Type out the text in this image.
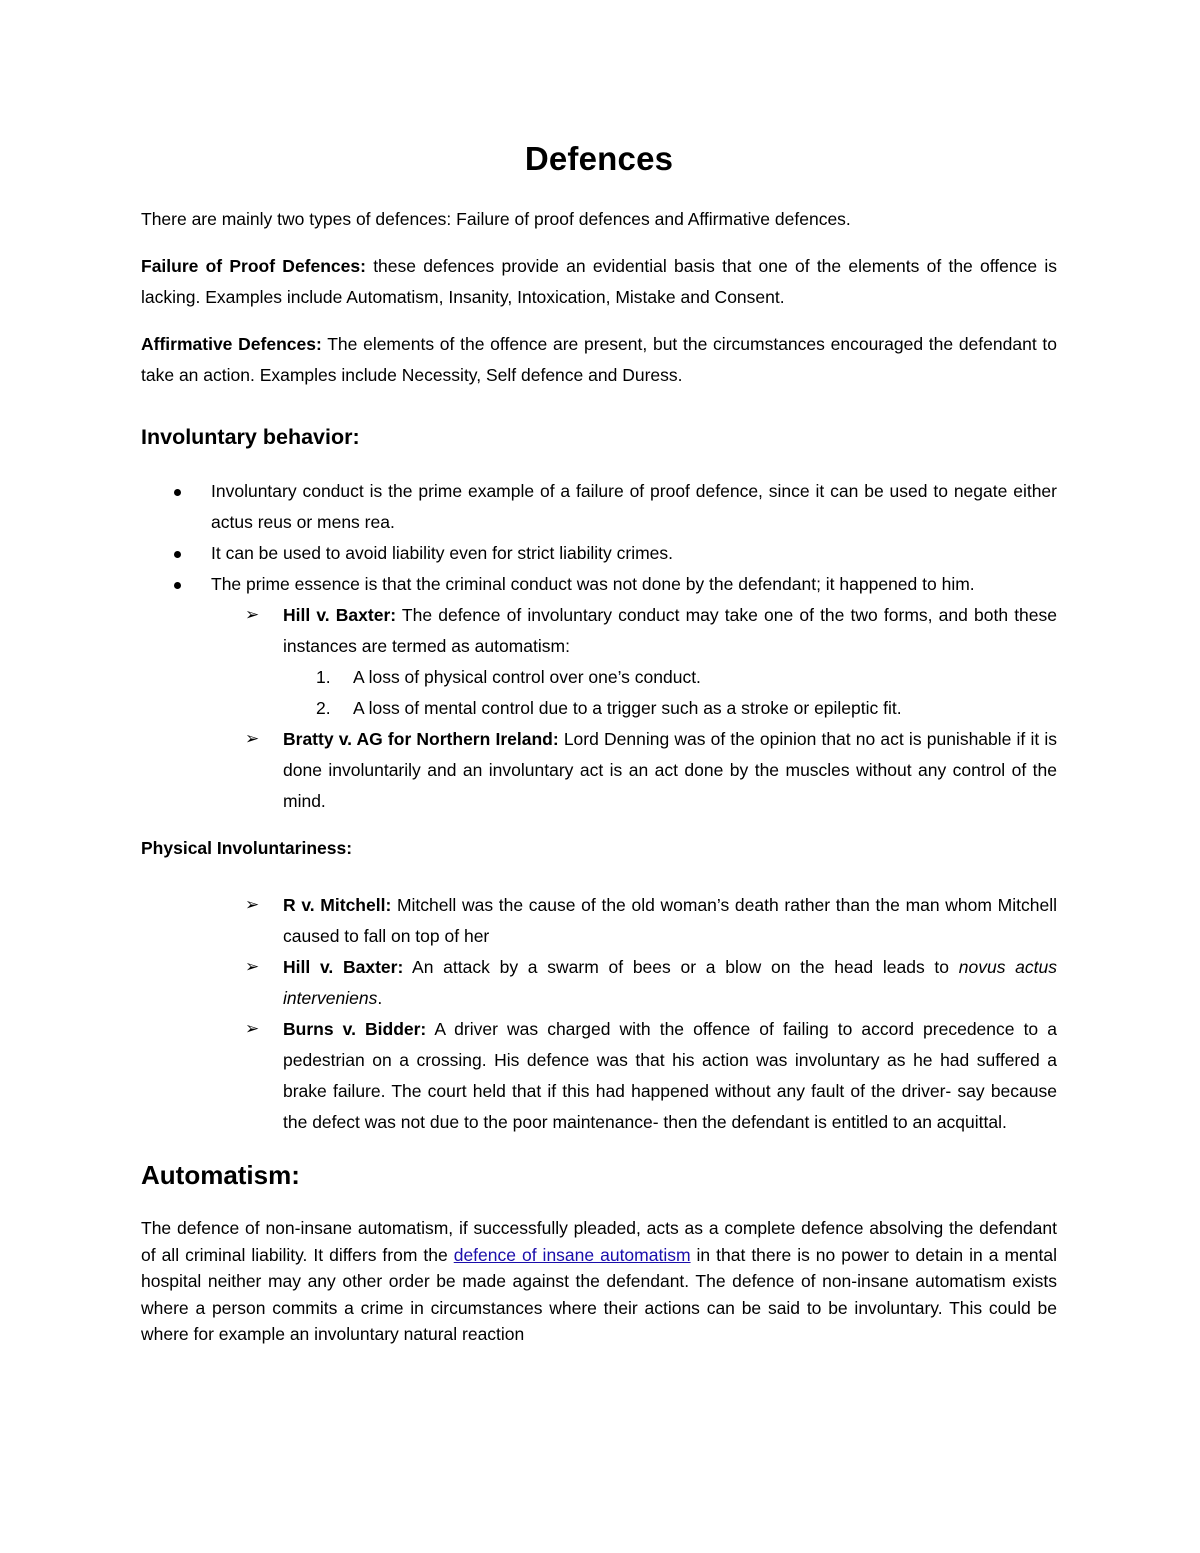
Defences

There are mainly two types of defences: Failure of proof defences and Affirmative defences.

Failure of Proof Defences: these defences provide an evidential basis that one of the elements of the offence is lacking. Examples include Automatism, Insanity, Intoxication, Mistake and Consent.

Affirmative Defences: The elements of the offence are present, but the circumstances encouraged the defendant to take an action. Examples include Necessity, Self defence and Duress.

Involuntary behavior:
Involuntary conduct is the prime example of a failure of proof defence, since it can be used to negate either actus reus or mens rea.
It can be used to avoid liability even for strict liability crimes.
The prime essence is that the criminal conduct was not done by the defendant; it happened to him.
➢ Hill v. Baxter: The defence of involuntary conduct may take one of the two forms, and both these instances are termed as automatism:
1. A loss of physical control over one’s conduct.
2. A loss of mental control due to a trigger such as a stroke or epileptic fit.
➢ Bratty v. AG for Northern Ireland: Lord Denning was of the opinion that no act is punishable if it is done involuntarily and an involuntary act is an act done by the muscles without any control of the mind.
Physical Involuntariness:
➢ R v. Mitchell: Mitchell was the cause of the old woman’s death rather than the man whom Mitchell caused to fall on top of her
➢ Hill v. Baxter: An attack by a swarm of bees or a blow on the head leads to novus actus interveniens.
➢ Burns v. Bidder: A driver was charged with the offence of failing to accord precedence to a pedestrian on a crossing. His defence was that his action was involuntary as he had suffered a brake failure. The court held that if this had happened without any fault of the driver- say because the defect was not due to the poor maintenance- then the defendant is entitled to an acquittal.
Automatism:

The defence of non-insane automatism, if successfully pleaded, acts as a complete defence absolving the defendant of all criminal liability. It differs from the defence of insane automatism in that there is no power to detain in a mental hospital neither may any other order be made against the defendant. The defence of non-insane automatism exists where a person commits a crime in circumstances where their actions can be said to be involuntary. This could be where for example an involuntary natural reaction
